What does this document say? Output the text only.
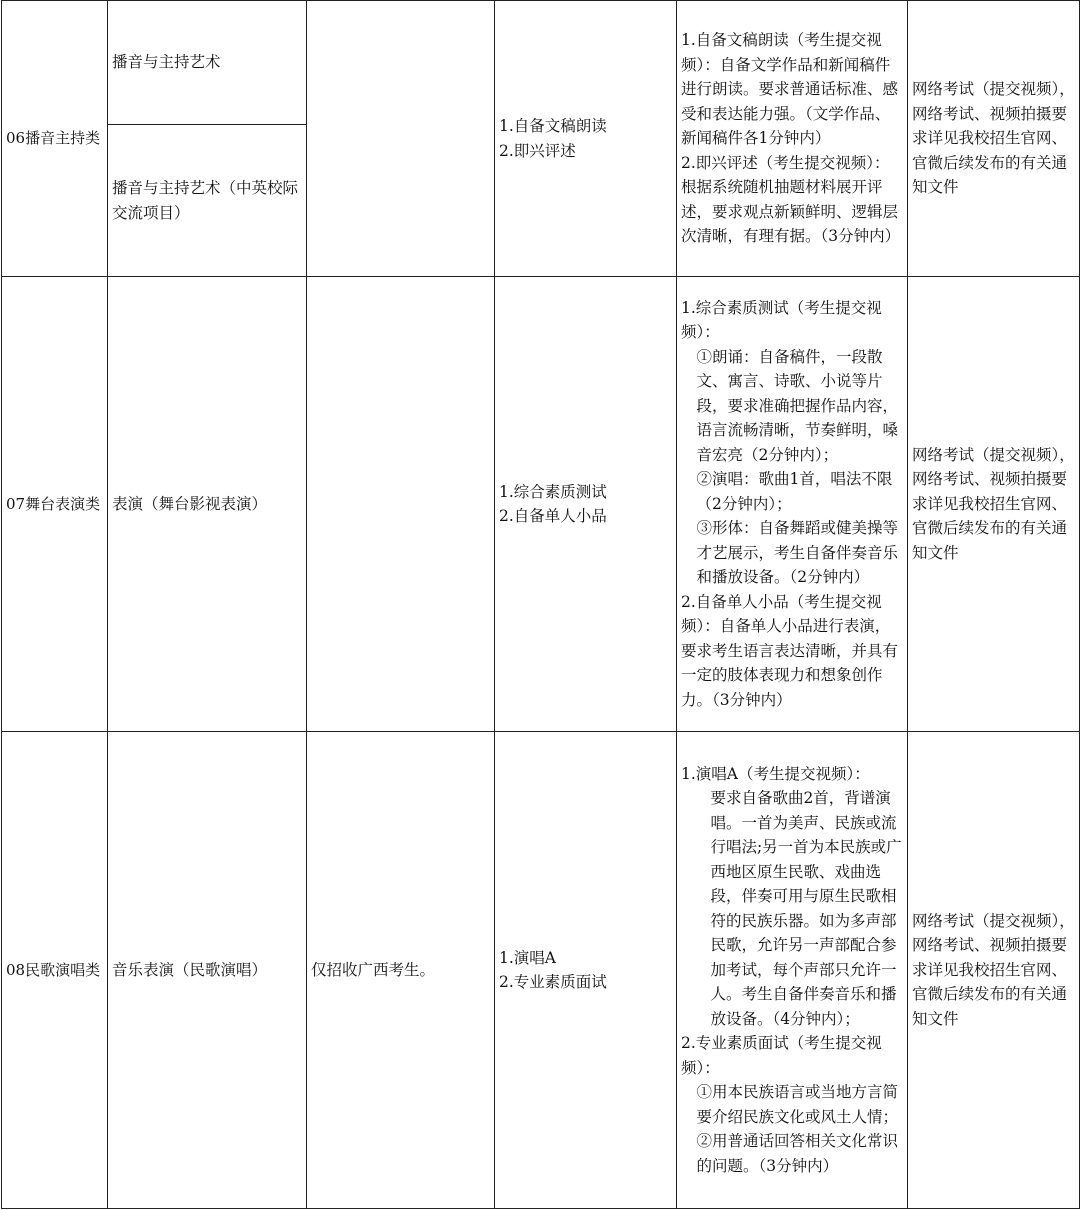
06播音主持类	播音与主持艺术		1.自备文稿朗读
2.即兴评述	1.自备文稿朗读（考生提交视频）：自备文学作品和新闻稿件进行朗读。要求普通话标准、感受和表达能力强。（文学作品、新闻稿件各1分钟内）
2.即兴评述（考生提交视频）：根据系统随机抽题材料展开评述，要求观点新颖鲜明、逻辑层次清晰，有理有据。（3分钟内）	网络考试（提交视频），网络考试、视频拍摄要求详见我校招生官网、官微后续发布的有关通知文件
	播音与主持艺术（中英校际交流项目）				
07舞台表演类	表演（舞台影视表演）		1.综合素质测试
2.自备单人小品	1.综合素质测试（考生提交视频）：
①朗诵：自备稿件，一段散文、寓言、诗歌、小说等片段，要求准确把握作品内容，语言流畅清晰，节奏鲜明，嗓音宏亮（2分钟内）；
②演唱：歌曲1首，唱法不限（2分钟内）；
③形体：自备舞蹈或健美操等才艺展示，考生自备伴奏音乐和播放设备。（2分钟内）
2.自备单人小品（考生提交视频）：自备单人小品进行表演，要求考生语言表达清晰，并具有一定的肢体表现力和想象创作力。（3分钟内）	网络考试（提交视频），网络考试、视频拍摄要求详见我校招生官网、官微后续发布的有关通知文件
08民歌演唱类	音乐表演（民歌演唱）	仅招收广西考生。	1.演唱A
2.专业素质面试	1.演唱A（考生提交视频）：
要求自备歌曲2首，背谱演唱。一首为美声、民族或流行唱法;另一首为本民族或广西地区原生民歌、戏曲选段，伴奏可用与原生民歌相符的民族乐器。如为多声部民歌，允许另一声部配合参加考试，每个声部只允许一人。考生自备伴奏音乐和播放设备。（4分钟内）；
2.专业素质面试（考生提交视频）：
①用本民族语言或当地方言简要介绍民族文化或风土人情；
②用普通话回答相关文化常识的问题。（3分钟内）	网络考试（提交视频），网络考试、视频拍摄要求详见我校招生官网、官微后续发布的有关通知文件
